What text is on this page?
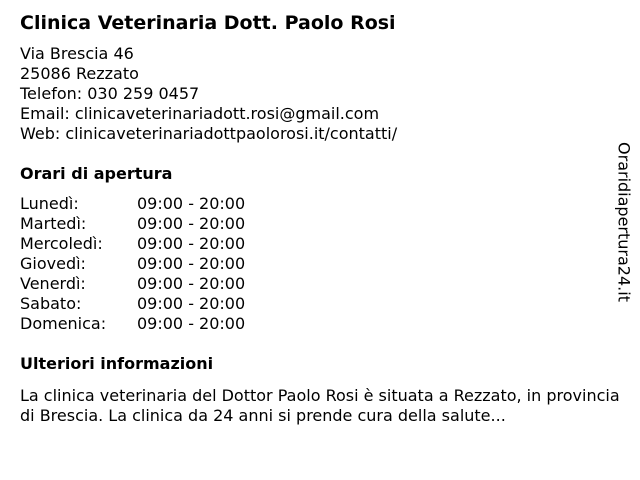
Clinica Veterinaria Dott. Paolo Rosi
Via Brescia 46
25086 Rezzato
Telefon: 030 259 0457
Email: clinicaveterinariadott.rosi@gmail.com
Web: clinicaveterinariadottpaolorosi.it/contatti/
Orari di apertura
Lunedì:	09:00 - 20:00
Martedì:	09:00 - 20:00
Mercoledì:	09:00 - 20:00
Giovedì:	09:00 - 20:00
Venerdì:	09:00 - 20:00
Sabato:	09:00 - 20:00
Domenica:	09:00 - 20:00
Ulteriori informazioni
La clinica veterinaria del Dottor Paolo Rosi è situata a Rezzato, in provincia di Brescia. La clinica da 24 anni si prende cura della salute...
Oraridiapertura24.it
